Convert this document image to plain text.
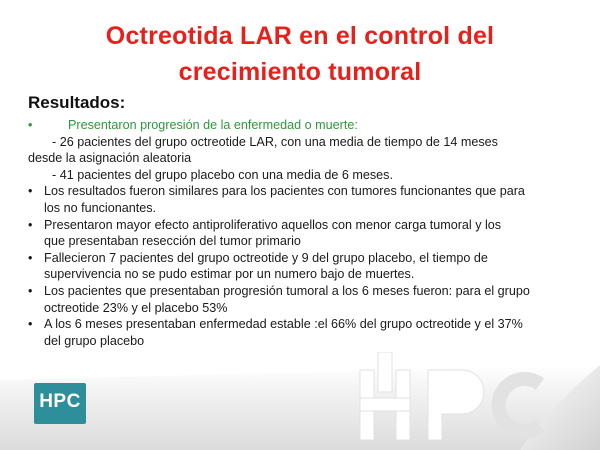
Octreotida LAR en el control del
crecimiento tumoral
Resultados:
•	Presentaron progresión de la enfermedad o muerte:
- 26 pacientes del grupo octreotide LAR, con una media de tiempo de 14 meses
desde la asignación aleatoria
- 41 pacientes del grupo placebo con una media de 6 meses.
• Los resultados fueron similares para los pacientes con tumores funcionantes que para
los no funcionantes.
• Presentaron mayor efecto antiproliferativo aquellos con menor carga tumoral y los
que presentaban resección del tumor primario
• Fallecieron 7 pacientes del grupo octreotide y 9 del grupo placebo, el tiempo de
supervivencia no se pudo estimar por un numero bajo de muertes.
• Los pacientes que presentaban progresión tumoral a los 6 meses fueron: para el grupo
octreotide 23% y el placebo 53%
• A los 6 meses presentaban enfermedad estable :el 66% del grupo octreotide y el 37%
del grupo placebo
HPC
